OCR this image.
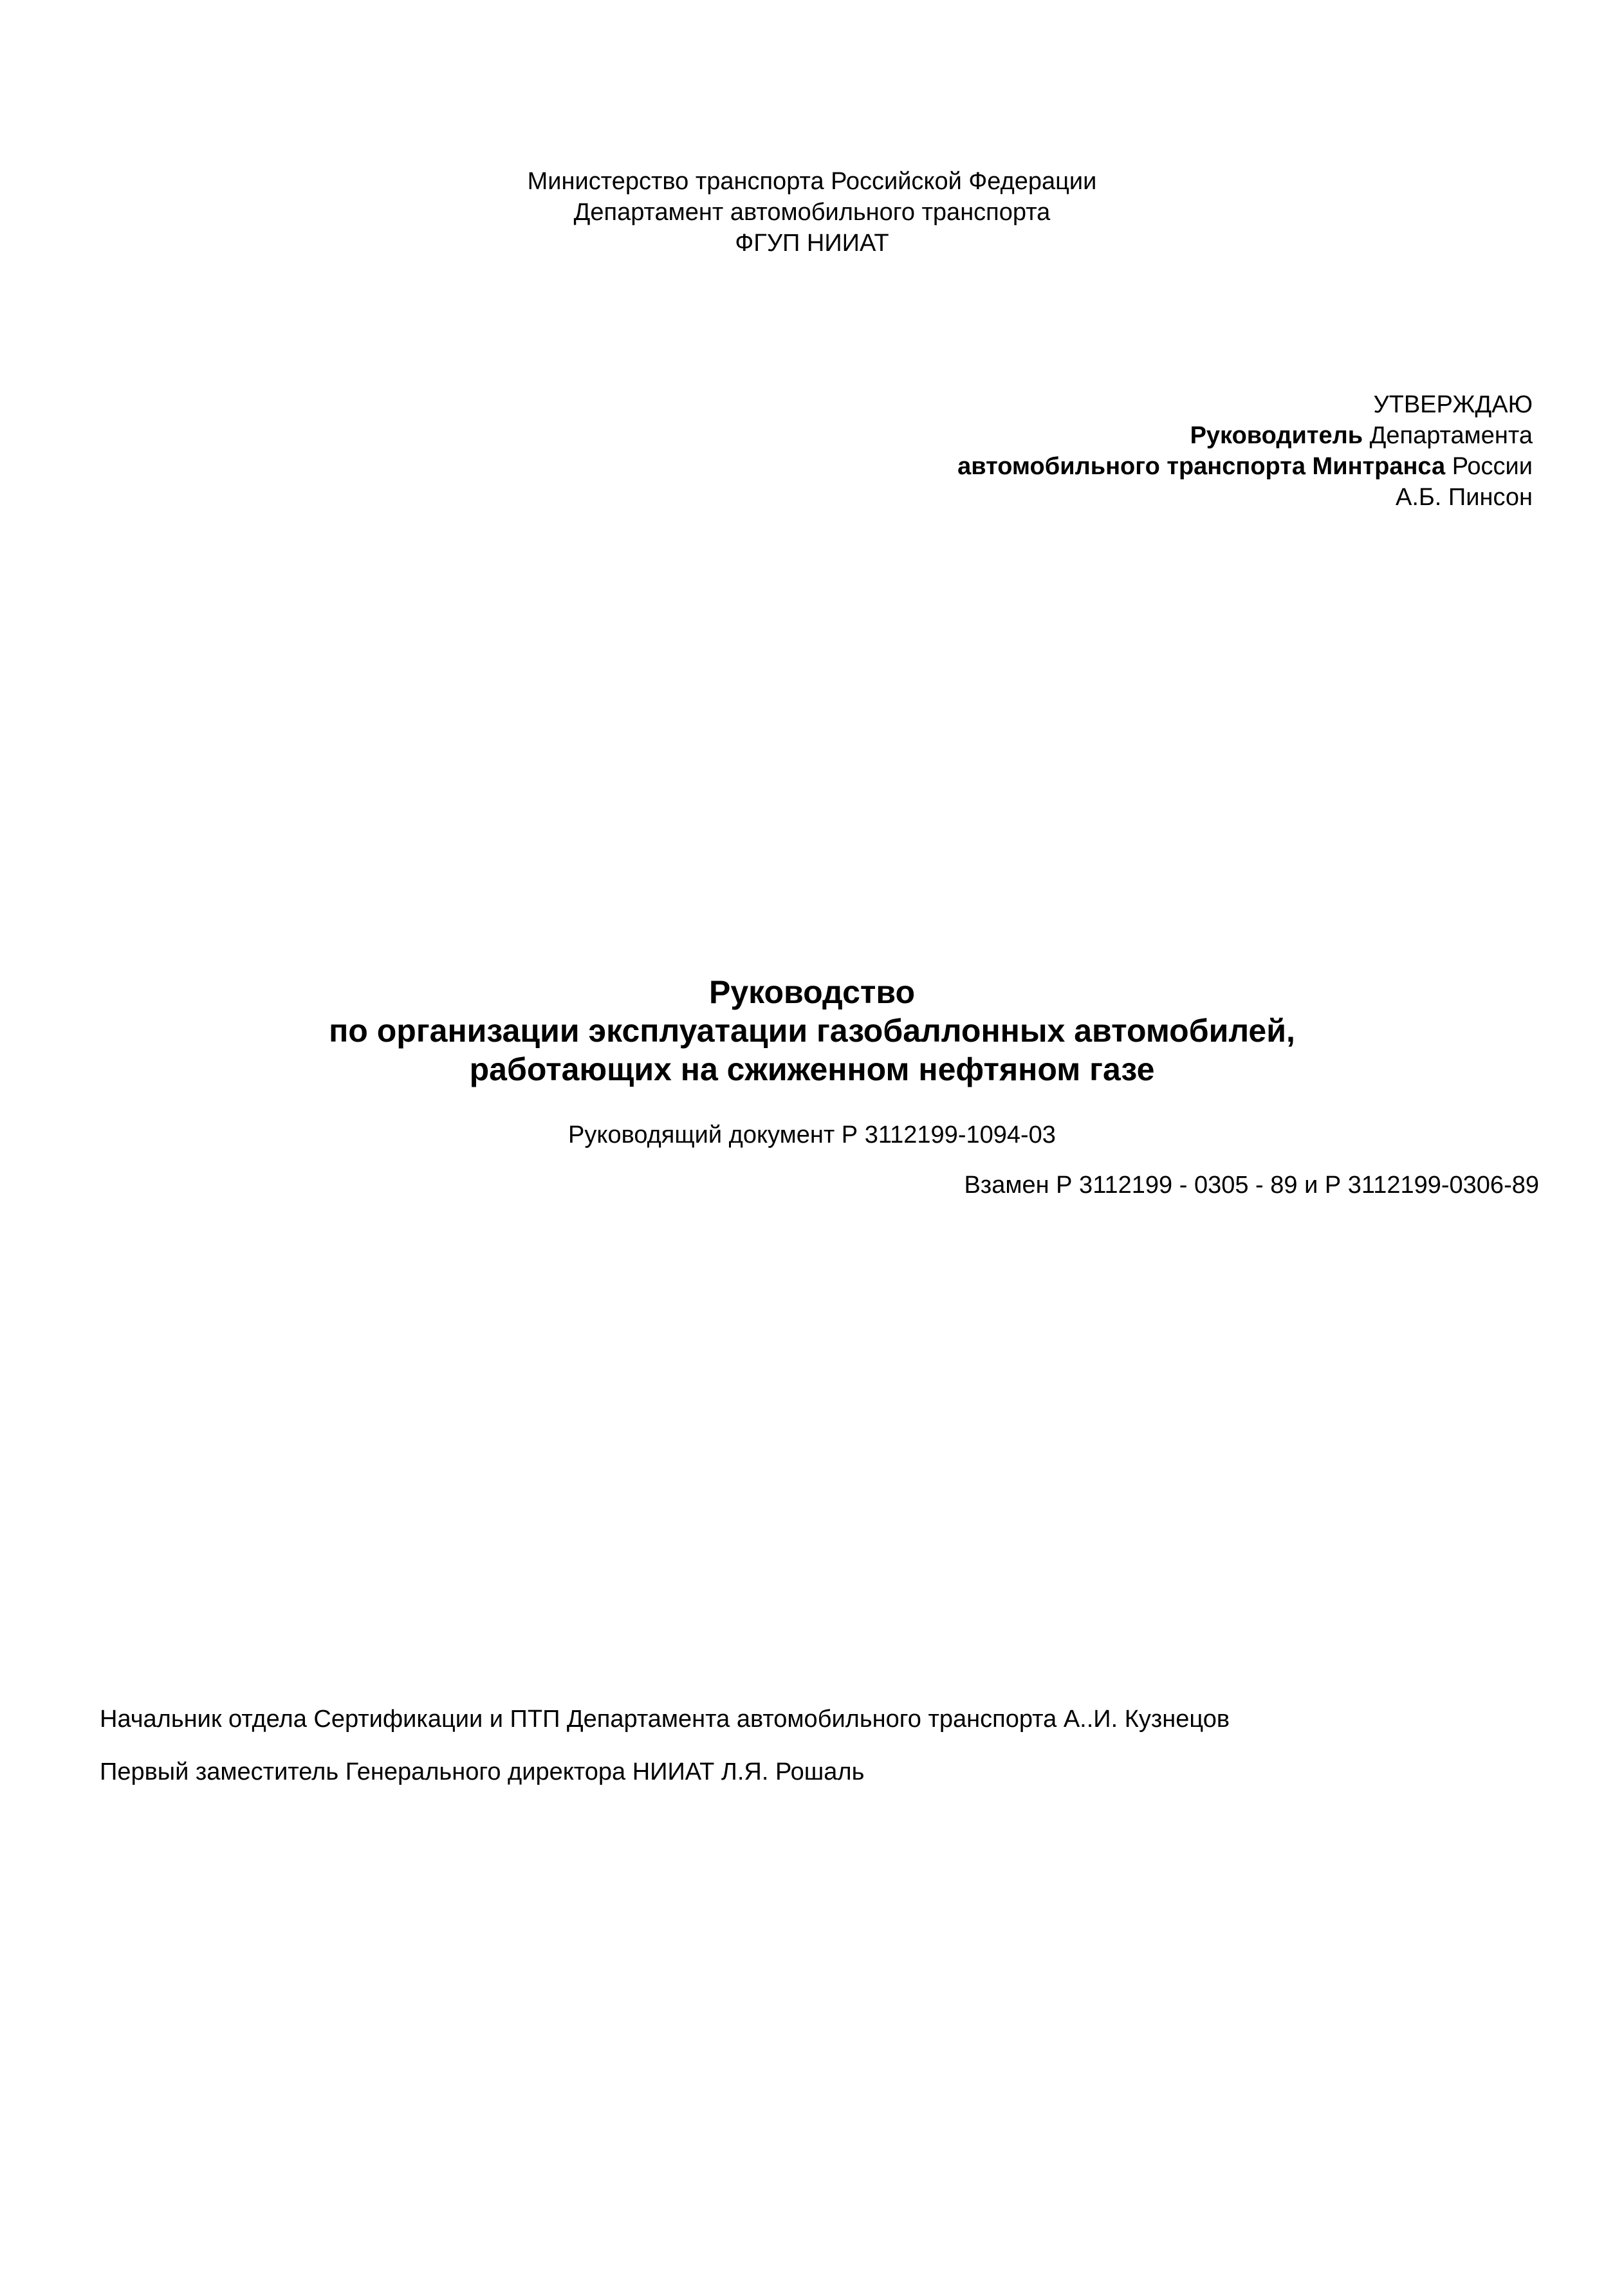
Министерство транспорта Российской Федерации
Департамент автомобильного транспорта
ФГУП НИИАТ
УТВЕРЖДАЮ
Руководитель Департамента
автомобильного транспорта Минтранса России
А.Б. Пинсон
Руководство
по организации эксплуатации газобаллонных автомобилей,
работающих на сжиженном нефтяном газе
Руководящий документ Р 3112199-1094-03
Взамен Р 3112199 - 0305 - 89 и Р 3112199-0306-89
Начальник отдела Сертификации и ПТП Департамента автомобильного транспорта А..И. Кузнецов
Первый заместитель Генерального директора НИИАТ Л.Я. Рошаль
